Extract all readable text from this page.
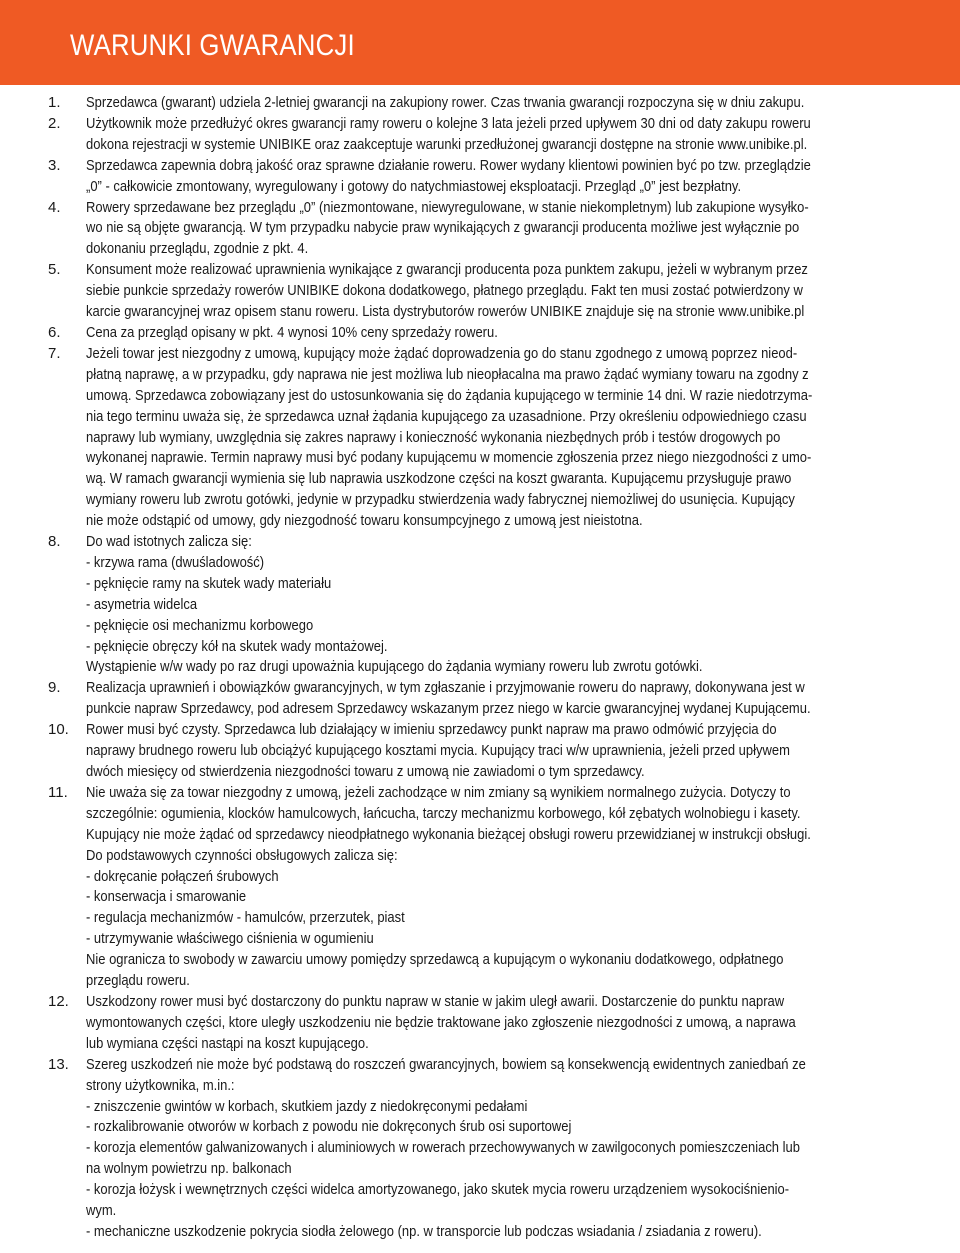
WARUNKI GWARANCJI
1. Sprzedawca (gwarant) udziela 2-letniej gwarancji na zakupiony rower. Czas trwania gwarancji rozpoczyna się w dniu zakupu.
2. Użytkownik może przedłużyć okres gwarancji ramy roweru o kolejne 3 lata jeżeli przed upływem 30 dni od daty zakupu roweru
dokona rejestracji w systemie UNIBIKE oraz zaakceptuje warunki przedłużonej gwarancji dostępne na stronie www.unibike.pl.
3. Sprzedawca zapewnia dobrą jakość oraz sprawne działanie roweru. Rower wydany klientowi powinien być po tzw. przeglądzie
„0” - całkowicie zmontowany, wyregulowany i gotowy do natychmiastowej eksploatacji. Przegląd „0” jest bezpłatny.
4. Rowery sprzedawane bez przeglądu „0” (niezmontowane, niewyregulowane, w stanie niekompletnym) lub zakupione wysyłko-
wo nie są objęte gwarancją. W tym przypadku nabycie praw wynikających z gwarancji producenta możliwe jest wyłącznie po
dokonaniu przeglądu, zgodnie z pkt. 4.
5. Konsument może realizować uprawnienia wynikające z gwarancji producenta poza punktem zakupu, jeżeli w wybranym przez
siebie punkcie sprzedaży rowerów UNIBIKE dokona dodatkowego, płatnego przeglądu. Fakt ten musi zostać potwierdzony w
karcie gwarancyjnej wraz opisem stanu roweru. Lista dystrybutorów rowerów UNIBIKE znajduje się na stronie www.unibike.pl
6. Cena za przegląd opisany w pkt. 4 wynosi 10% ceny sprzedaży roweru.
7. Jeżeli towar jest niezgodny z umową, kupujący może żądać doprowadzenia go do stanu zgodnego z umową poprzez nieod-
płatną naprawę, a w przypadku, gdy naprawa nie jest możliwa lub nieopłacalna ma prawo żądać wymiany towaru na zgodny z
umową. Sprzedawca zobowiązany jest do ustosunkowania się do żądania kupującego w terminie 14 dni. W razie niedotrzyma-
nia tego terminu uważa się, że sprzedawca uznał żądania kupującego za uzasadnione. Przy określeniu odpowiedniego czasu
naprawy lub wymiany, uwzględnia się zakres naprawy i konieczność wykonania niezbędnych prób i testów drogowych po
wykonanej naprawie. Termin naprawy musi być podany kupującemu w momencie zgłoszenia przez niego niezgodności z umo-
wą. W ramach gwarancji wymienia się lub naprawia uszkodzone części na koszt gwaranta. Kupującemu przysługuje prawo
wymiany roweru lub zwrotu gotówki, jedynie w przypadku stwierdzenia wady fabrycznej niemożliwej do usunięcia. Kupujący
nie może odstąpić od umowy, gdy niezgodność towaru konsumpcyjnego z umową jest nieistotna.
8. Do wad istotnych zalicza się:
- krzywa rama (dwuśladowość)
- pęknięcie ramy na skutek wady materiału
- asymetria widelca
- pęknięcie osi mechanizmu korbowego
- pęknięcie obręczy kół na skutek wady montażowej.
Wystąpienie w/w wady po raz drugi upoważnia kupującego do żądania wymiany roweru lub zwrotu gotówki.
9. Realizacja uprawnień i obowiązków gwarancyjnych, w tym zgłaszanie i przyjmowanie roweru do naprawy, dokonywana jest w
punkcie napraw Sprzedawcy, pod adresem Sprzedawcy wskazanym przez niego w karcie gwarancyjnej wydanej Kupującemu.
10. Rower musi być czysty. Sprzedawca lub działający w imieniu sprzedawcy punkt napraw ma prawo odmówić przyjęcia do
naprawy brudnego roweru lub obciążyć kupującego kosztami mycia. Kupujący traci w/w uprawnienia, jeżeli przed upływem
dwóch miesięcy od stwierdzenia niezgodności towaru z umową nie zawiadomi o tym sprzedawcy.
11. Nie uważa się za towar niezgodny z umową, jeżeli zachodzące w nim zmiany są wynikiem normalnego zużycia. Dotyczy to
szczególnie: ogumienia, klocków hamulcowych, łańcucha, tarczy mechanizmu korbowego, kół zębatych wolnobiegu i kasety.
Kupujący nie może żądać od sprzedawcy nieodpłatnego wykonania bieżącej obsługi roweru przewidzianej w instrukcji obsługi.
Do podstawowych czynności obsługowych zalicza się:
- dokręcanie połączeń śrubowych
- konserwacja i smarowanie
- regulacja mechanizmów - hamulców, przerzutek, piast
- utrzymywanie właściwego ciśnienia w ogumieniu
Nie ogranicza to swobody w zawarciu umowy pomiędzy sprzedawcą a kupującym o wykonaniu dodatkowego, odpłatnego
przeglądu roweru.
12. Uszkodzony rower musi być dostarczony do punktu napraw w stanie w jakim uległ awarii. Dostarczenie do punktu napraw
wymontowanych części, ktore uległy uszkodzeniu nie będzie traktowane jako zgłoszenie niezgodności z umową, a naprawa
lub wymiana części nastąpi na koszt kupującego.
13. Szereg uszkodzeń nie może być podstawą do roszczeń gwarancyjnych, bowiem są konsekwencją ewidentnych zaniedbań ze
strony użytkownika, m.in.:
- zniszczenie gwintów w korbach, skutkiem jazdy z niedokręconymi pedałami
- rozkalibrowanie otworów w korbach z powodu nie dokręconych śrub osi suportowej
- korozja elementów galwanizowanych i aluminiowych w rowerach przechowywanych w zawilgoconych pomieszczeniach lub
na wolnym powietrzu np. balkonach
- korozja łożysk i wewnętrznych części widelca amortyzowanego, jako skutek mycia roweru urządzeniem wysokociśnienio-
wym.
- mechaniczne uszkodzenie pokrycia siodła żelowego (np. w transporcie lub podczas wsiadania / zsiadania z roweru).
